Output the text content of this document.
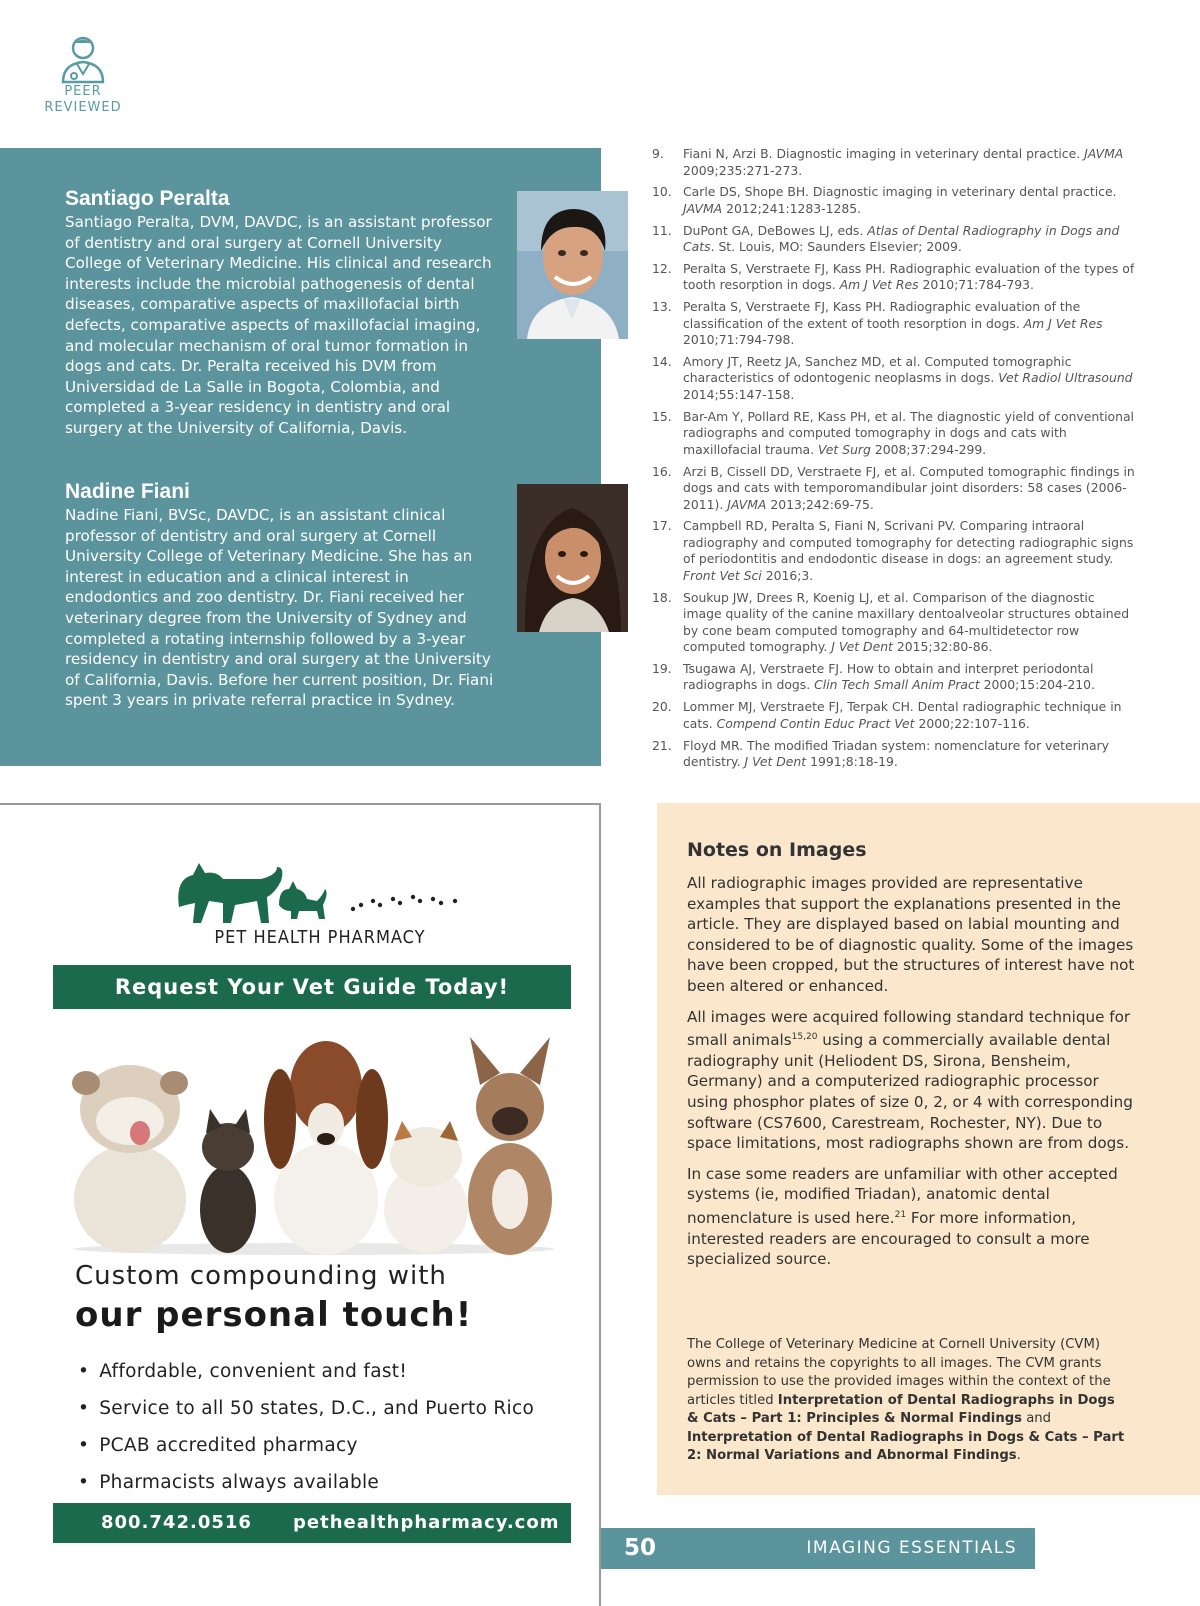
PEER
REVIEWED
Santiago Peralta

Santiago Peralta, DVM, DAVDC, is an assistant professor of dentistry and oral surgery at Cornell University College of Veterinary Medicine. His clinical and research interests include the microbial pathogenesis of dental diseases, comparative aspects of maxillofacial birth defects, comparative aspects of maxillofacial imaging, and molecular mechanism of oral tumor formation in dogs and cats. Dr. Peralta received his DVM from Universidad de La Salle in Bogota, Colombia, and completed a 3-year residency in dentistry and oral surgery at the University of California, Davis.

Nadine Fiani

Nadine Fiani, BVSc, DAVDC, is an assistant clinical professor of dentistry and oral surgery at Cornell University College of Veterinary Medicine. She has an interest in education and a clinical interest in endodontics and zoo dentistry. Dr. Fiani received her veterinary degree from the University of Sydney and completed a rotating internship followed by a 3-year residency in dentistry and oral surgery at the University of California, Davis. Before her current position, Dr. Fiani spent 3 years in private referral practice in Sydney.

9.	Fiani N, Arzi B. Diagnostic imaging in veterinary dental practice. JAVMA 2009;235:271-273.
10. Carle DS, Shope BH. Diagnostic imaging in veterinary dental practice. JAVMA 2012;241:1283-1285.
11. DuPont GA, DeBowes LJ, eds. Atlas of Dental Radiography in Dogs and Cats. St. Louis, MO: Saunders Elsevier; 2009.
12. Peralta S, Verstraete FJ, Kass PH. Radiographic evaluation of the types of tooth resorption in dogs. Am J Vet Res 2010;71:784-793.
13. Peralta S, Verstraete FJ, Kass PH. Radiographic evaluation of the classification of the extent of tooth resorption in dogs. Am J Vet Res 2010;71:794-798.
14. Amory JT, Reetz JA, Sanchez MD, et al. Computed tomographic characteristics of odontogenic neoplasms in dogs. Vet Radiol Ultrasound 2014;55:147-158.
15. Bar-Am Y, Pollard RE, Kass PH, et al. The diagnostic yield of conventional radiographs and computed tomography in dogs and cats with maxillofacial trauma. Vet Surg 2008;37:294-299.
16. Arzi B, Cissell DD, Verstraete FJ, et al. Computed tomographic findings in dogs and cats with temporomandibular joint disorders: 58 cases (2006-2011). JAVMA 2013;242:69-75.
17. Campbell RD, Peralta S, Fiani N, Scrivani PV. Comparing intraoral radiography and computed tomography for detecting radiographic signs of periodontitis and endodontic disease in dogs: an agreement study. Front Vet Sci 2016;3.
18. Soukup JW, Drees R, Koenig LJ, et al. Comparison of the diagnostic image quality of the canine maxillary dentoalveolar structures obtained by cone beam computed tomography and 64-multidetector row computed tomography. J Vet Dent 2015;32:80-86.
19. Tsugawa AJ, Verstraete FJ. How to obtain and interpret periodontal radiographs in dogs. Clin Tech Small Anim Pract 2000;15:204-210.
20. Lommer MJ, Verstraete FJ, Terpak CH. Dental radiographic technique in cats. Compend Contin Educ Pract Vet 2000;22:107-116.
21. Floyd MR. The modified Triadan system: nomenclature for veterinary dentistry. J Vet Dent 1991;8:18-19.
PET HEALTH PHARMACY
Request Your Vet Guide Today!
Custom compounding with
our personal touch!
• Affordable, convenient and fast!
• Service to all 50 states, D.C., and Puerto Rico
• PCAB accredited pharmacy
• Pharmacists always available
800.742.0516 pethealthpharmacy.com
Notes on Images

All radiographic images provided are representative examples that support the explanations presented in the article. They are displayed based on labial mounting and considered to be of diagnostic quality. Some of the images have been cropped, but the structures of interest have not been altered or enhanced.

All images were acquired following standard technique for small animals$^{15,20}$ using a commercially available dental radiography unit (Heliodent DS, Sirona, Bensheim, Germany) and a computerized radiographic processor using phosphor plates of size 0, 2, or 4 with corresponding software (CS7600, Carestream, Rochester, NY). Due to space limitations, most radiographs shown are from dogs.

In case some readers are unfamiliar with other accepted systems (ie, modified Triadan), anatomic dental nomenclature is used here.$^{21}$ For more information, interested readers are encouraged to consult a more specialized source.

The College of Veterinary Medicine at Cornell University (CVM) owns and retains the copyrights to all images. The CVM grants permission to use the provided images within the context of the articles titled Interpretation of Dental Radiographs in Dogs & Cats – Part 1: Principles & Normal Findings and Interpretation of Dental Radiographs in Dogs & Cats – Part 2: Normal Variations and Abnormal Findings.
50	IMAGING ESSENTIALS
